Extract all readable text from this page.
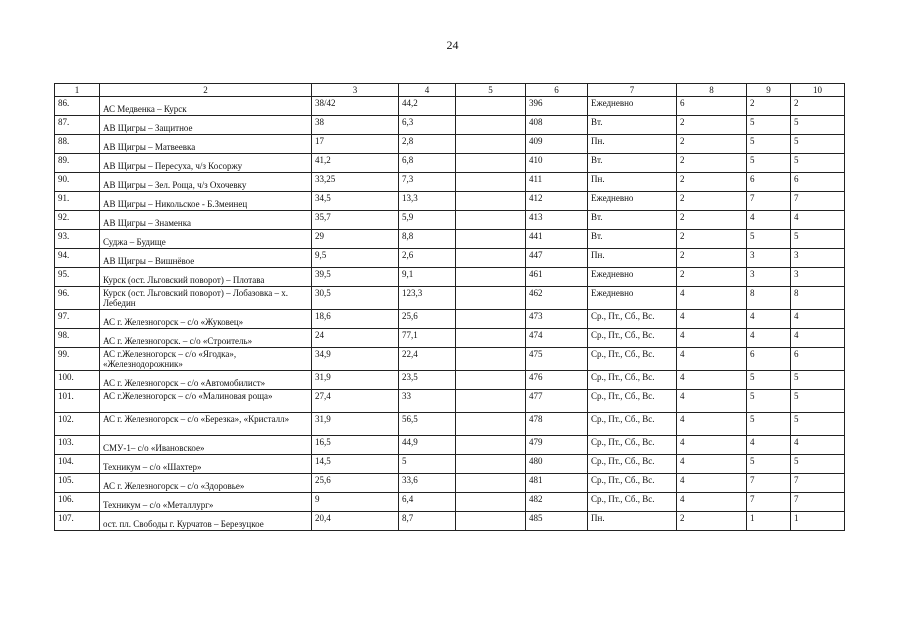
24
1	2	3	4	5	6	7	8	9	10
86.	АС Медвенка – Курск	38/42	44,2		396	Ежедневно	6	2	2
87.	АВ Щигры – Защитное	38	6,3		408	Вт.	2	5	5
88.	АВ Щигры – Матвеевка	17	2,8		409	Пн.	2	5	5
89.	АВ Щигры – Пересуха, ч/з Косоржу	41,2	6,8		410	Вт.	2	5	5
90.	АВ Щигры – Зел. Роща, ч/з Охочевку	33,25	7,3		411	Пн.	2	6	6
91.	АВ Щигры – Никольское - Б.Змеинец	34,5	13,3		412	Ежедневно	2	7	7
92.	АВ Щигры – Знаменка	35,7	5,9		413	Вт.	2	4	4
93.	Суджа – Будище	29	8,8		441	Вт.	2	5	5
94.	АВ Щигры – Вишнёвое	9,5	2,6		447	Пн.	2	3	3
95.	Курск (ост. Льговский поворот) – Плотава	39,5	9,1		461	Ежедневно	2	3	3
96.	Курск (ост. Льговский поворот) – Лобазовка – х. Лебедин	30,5	123,3		462	Ежедневно	4	8	8
97.	АС г. Железногорск – с/о «Жуковец»	18,6	25,6		473	Ср., Пт., Сб., Вс.	4	4	4
98.	АС г. Железногорск. – с/о «Строитель»	24	77,1		474	Ср., Пт., Сб., Вс.	4	4	4
99.	АС г.Железногорск – с/о «Ягодка», «Железнодорожник»	34,9	22,4		475	Ср., Пт., Сб., Вс.	4	6	6
100.	АС г. Железногорск – с/о «Автомобилист»	31,9	23,5		476	Ср., Пт., Сб., Вс.	4	5	5
101.	АС г.Железногорск – с/о «Малиновая роща»	27,4	33		477	Ср., Пт., Сб., Вс.	4	5	5
102.	АС г. Железногорск – с/о «Березка», «Кристалл»	31,9	56,5		478	Ср., Пт., Сб., Вс.	4	5	5
103.	СМУ-1– с/о «Ивановское»	16,5	44,9		479	Ср., Пт., Сб., Вс.	4	4	4
104.	Техникум – с/о «Шахтер»	14,5	5		480	Ср., Пт., Сб., Вс.	4	5	5
105.	АС г. Железногорск – с/о «Здоровье»	25,6	33,6		481	Ср., Пт., Сб., Вс.	4	7	7
106.	Техникум – с/о «Металлург»	9	6,4		482	Ср., Пт., Сб., Вс.	4	7	7
107.	ост. пл. Свободы г. Курчатов – Березуцкое	20,4	8,7		485	Пн.	2	1	1
